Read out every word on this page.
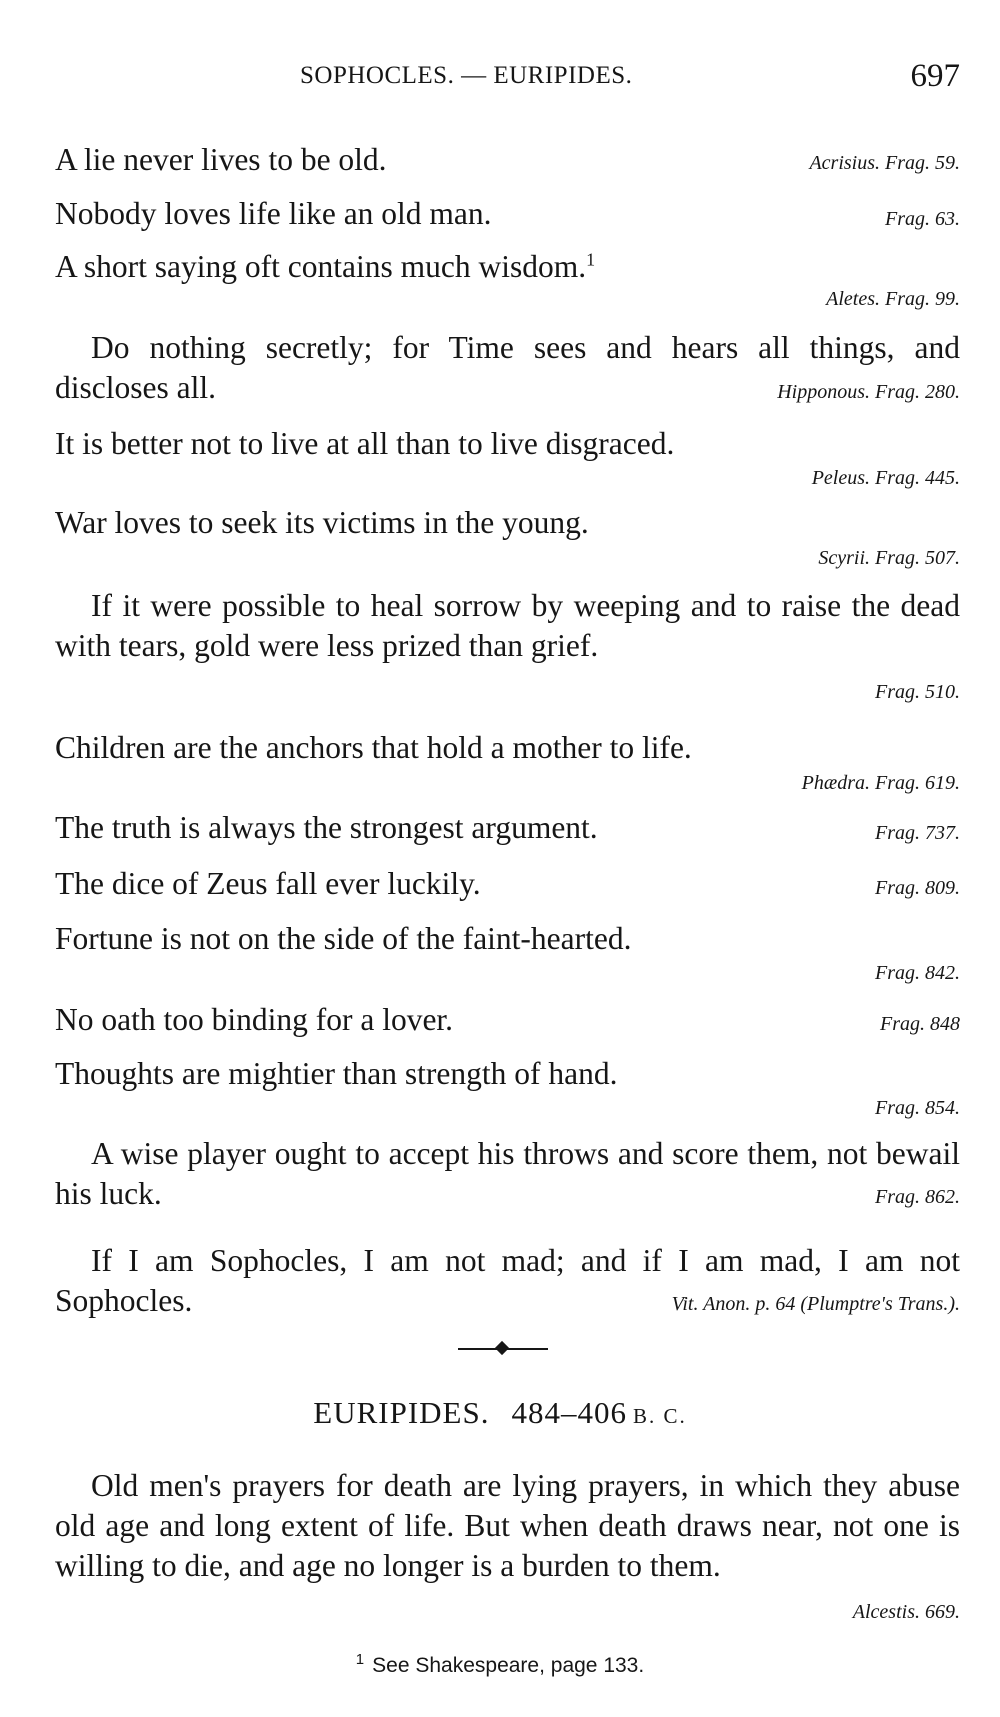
SOPHOCLES. — EURIPIDES.	697
A lie never lives to be old.	Acrisius. Frag. 59.
Nobody loves life like an old man.	Frag. 63.
A short saying oft contains much wisdom.$^1$
Aletes. Frag. 99.
Do nothing secretly; for Time sees and hears all things, and discloses all.	Hipponous. Frag. 280.
It is better not to live at all than to live disgraced.
Peleus. Frag. 445.
War loves to seek its victims in the young.
Scyrii. Frag. 507.
If it were possible to heal sorrow by weeping and to raise the dead with tears, gold were less prized than grief.
Frag. 510.
Children are the anchors that hold a mother to life.
Phædra. Frag. 619.
The truth is always the strongest argument.	Frag. 737.
The dice of Zeus fall ever luckily.	Frag. 809.
Fortune is not on the side of the faint-hearted.
Frag. 842.
No oath too binding for a lover.	Frag. 848
Thoughts are mightier than strength of hand.
Frag. 854.
A wise player ought to accept his throws and score them, not bewail his luck.	Frag. 862.
If I am Sophocles, I am not mad; and if I am mad, I am not Sophocles.	Vit. Anon. p. 64 (Plumptre's Trans.).
EURIPIDES. 484–406 B. C.
Old men's prayers for death are lying prayers, in which they abuse old age and long extent of life. But when death draws near, not one is willing to die, and age no longer is a burden to them.
Alcestis. 669.
$^1$ See Shakespeare, page 133.
